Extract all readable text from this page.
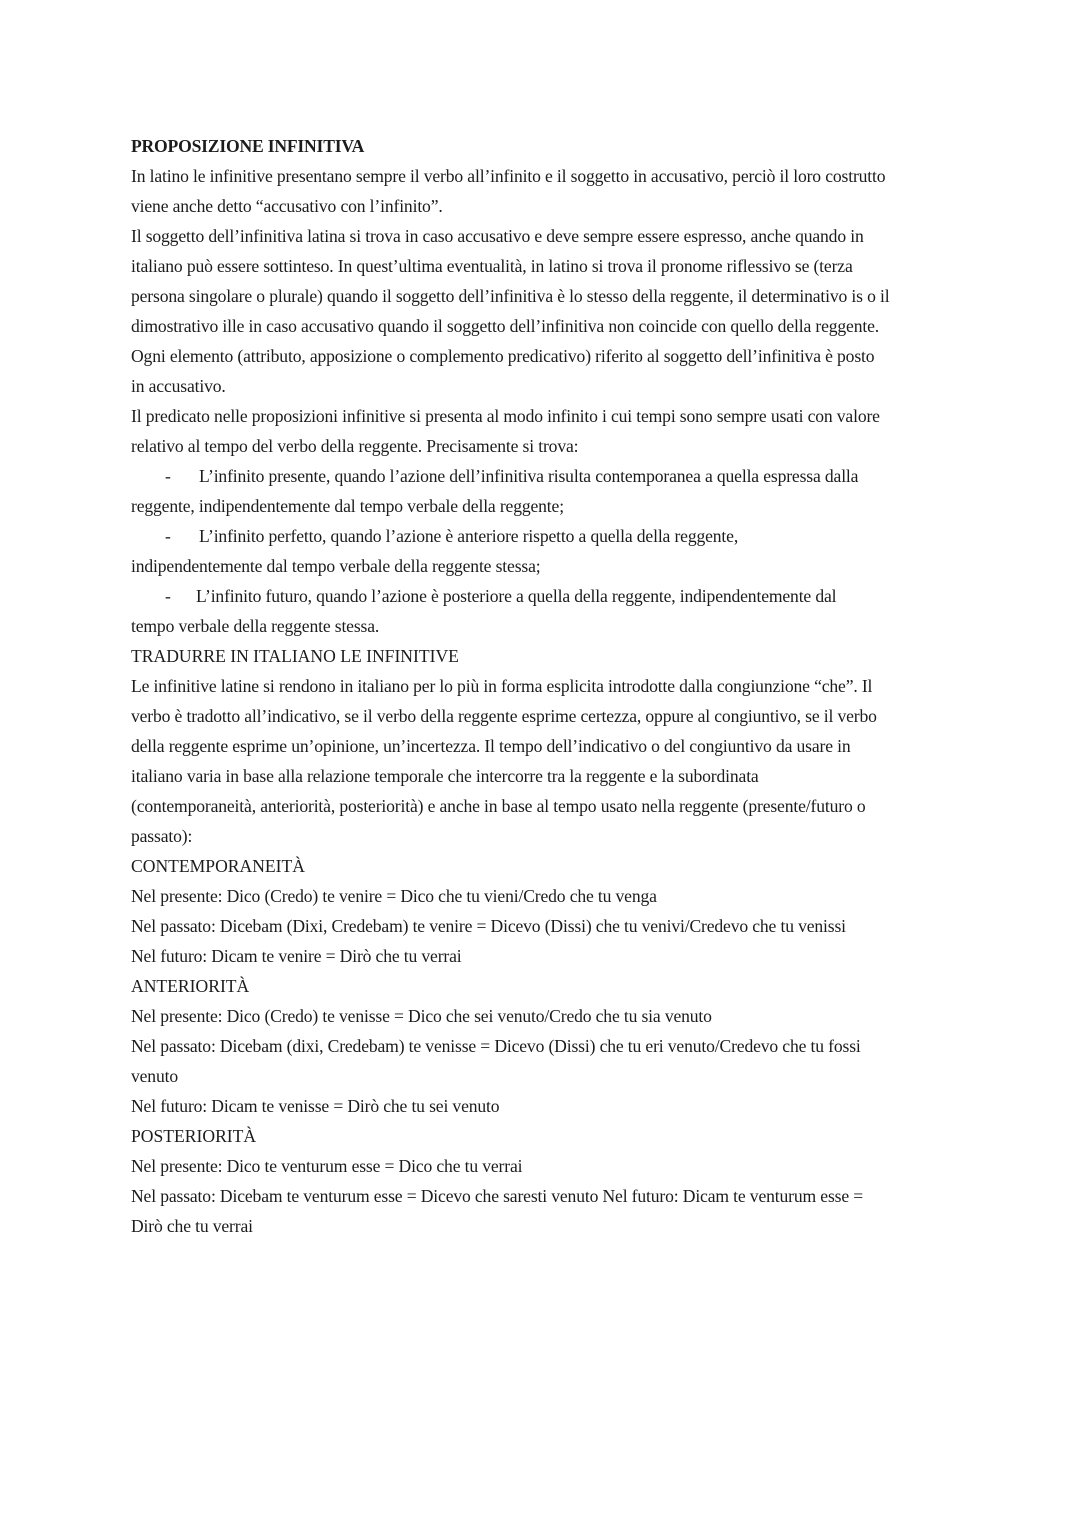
PROPOSIZIONE INFINITIVA
In latino le infinitive presentano sempre il verbo all’infinito e il soggetto in accusativo, perciò il loro costrutto
viene anche detto “accusativo con l’infinito”.
Il soggetto dell’infinitiva latina si trova in caso accusativo e deve sempre essere espresso, anche quando in
italiano può essere sottinteso. In quest’ultima eventualità, in latino si trova il pronome riflessivo se (terza
persona singolare o plurale) quando il soggetto dell’infinitiva è lo stesso della reggente, il determinativo is o il
dimostrativo ille in caso accusativo quando il soggetto dell’infinitiva non coincide con quello della reggente.
Ogni elemento (attributo, apposizione o complemento predicativo) riferito al soggetto dell’infinitiva è posto
in accusativo.
Il predicato nelle proposizioni infinitive si presenta al modo infinito i cui tempi sono sempre usati con valore
relativo al tempo del verbo della reggente. Precisamente si trova:
- L’infinito presente, quando l’azione dell’infinitiva risulta contemporanea a quella espressa dalla
reggente, indipendentemente dal tempo verbale della reggente;
- L’infinito perfetto, quando l’azione è anteriore rispetto a quella della reggente,
indipendentemente dal tempo verbale della reggente stessa;
- L’infinito futuro, quando l’azione è posteriore a quella della reggente, indipendentemente dal
tempo verbale della reggente stessa.
TRADURRE IN ITALIANO LE INFINITIVE
Le infinitive latine si rendono in italiano per lo più in forma esplicita introdotte dalla congiunzione “che”. Il
verbo è tradotto all’indicativo, se il verbo della reggente esprime certezza, oppure al congiuntivo, se il verbo
della reggente esprime un’opinione, un’incertezza. Il tempo dell’indicativo o del congiuntivo da usare in
italiano varia in base alla relazione temporale che intercorre tra la reggente e la subordinata
(contemporaneità, anteriorità, posteriorità) e anche in base al tempo usato nella reggente (presente/futuro o
passato):
CONTEMPORANEITÀ
Nel presente: Dico (Credo) te venire = Dico che tu vieni/Credo che tu venga
Nel passato: Dicebam (Dixi, Credebam) te venire = Dicevo (Dissi) che tu venivi/Credevo che tu venissi
Nel futuro: Dicam te venire = Dirò che tu verrai
ANTERIORITÀ
Nel presente: Dico (Credo) te venisse = Dico che sei venuto/Credo che tu sia venuto
Nel passato: Dicebam (dixi, Credebam) te venisse = Dicevo (Dissi) che tu eri venuto/Credevo che tu fossi
venuto
Nel futuro: Dicam te venisse = Dirò che tu sei venuto
POSTERIORITÀ
Nel presente: Dico te venturum esse = Dico che tu verrai
Nel passato: Dicebam te venturum esse = Dicevo che saresti venuto Nel futuro: Dicam te venturum esse =
Dirò che tu verrai
